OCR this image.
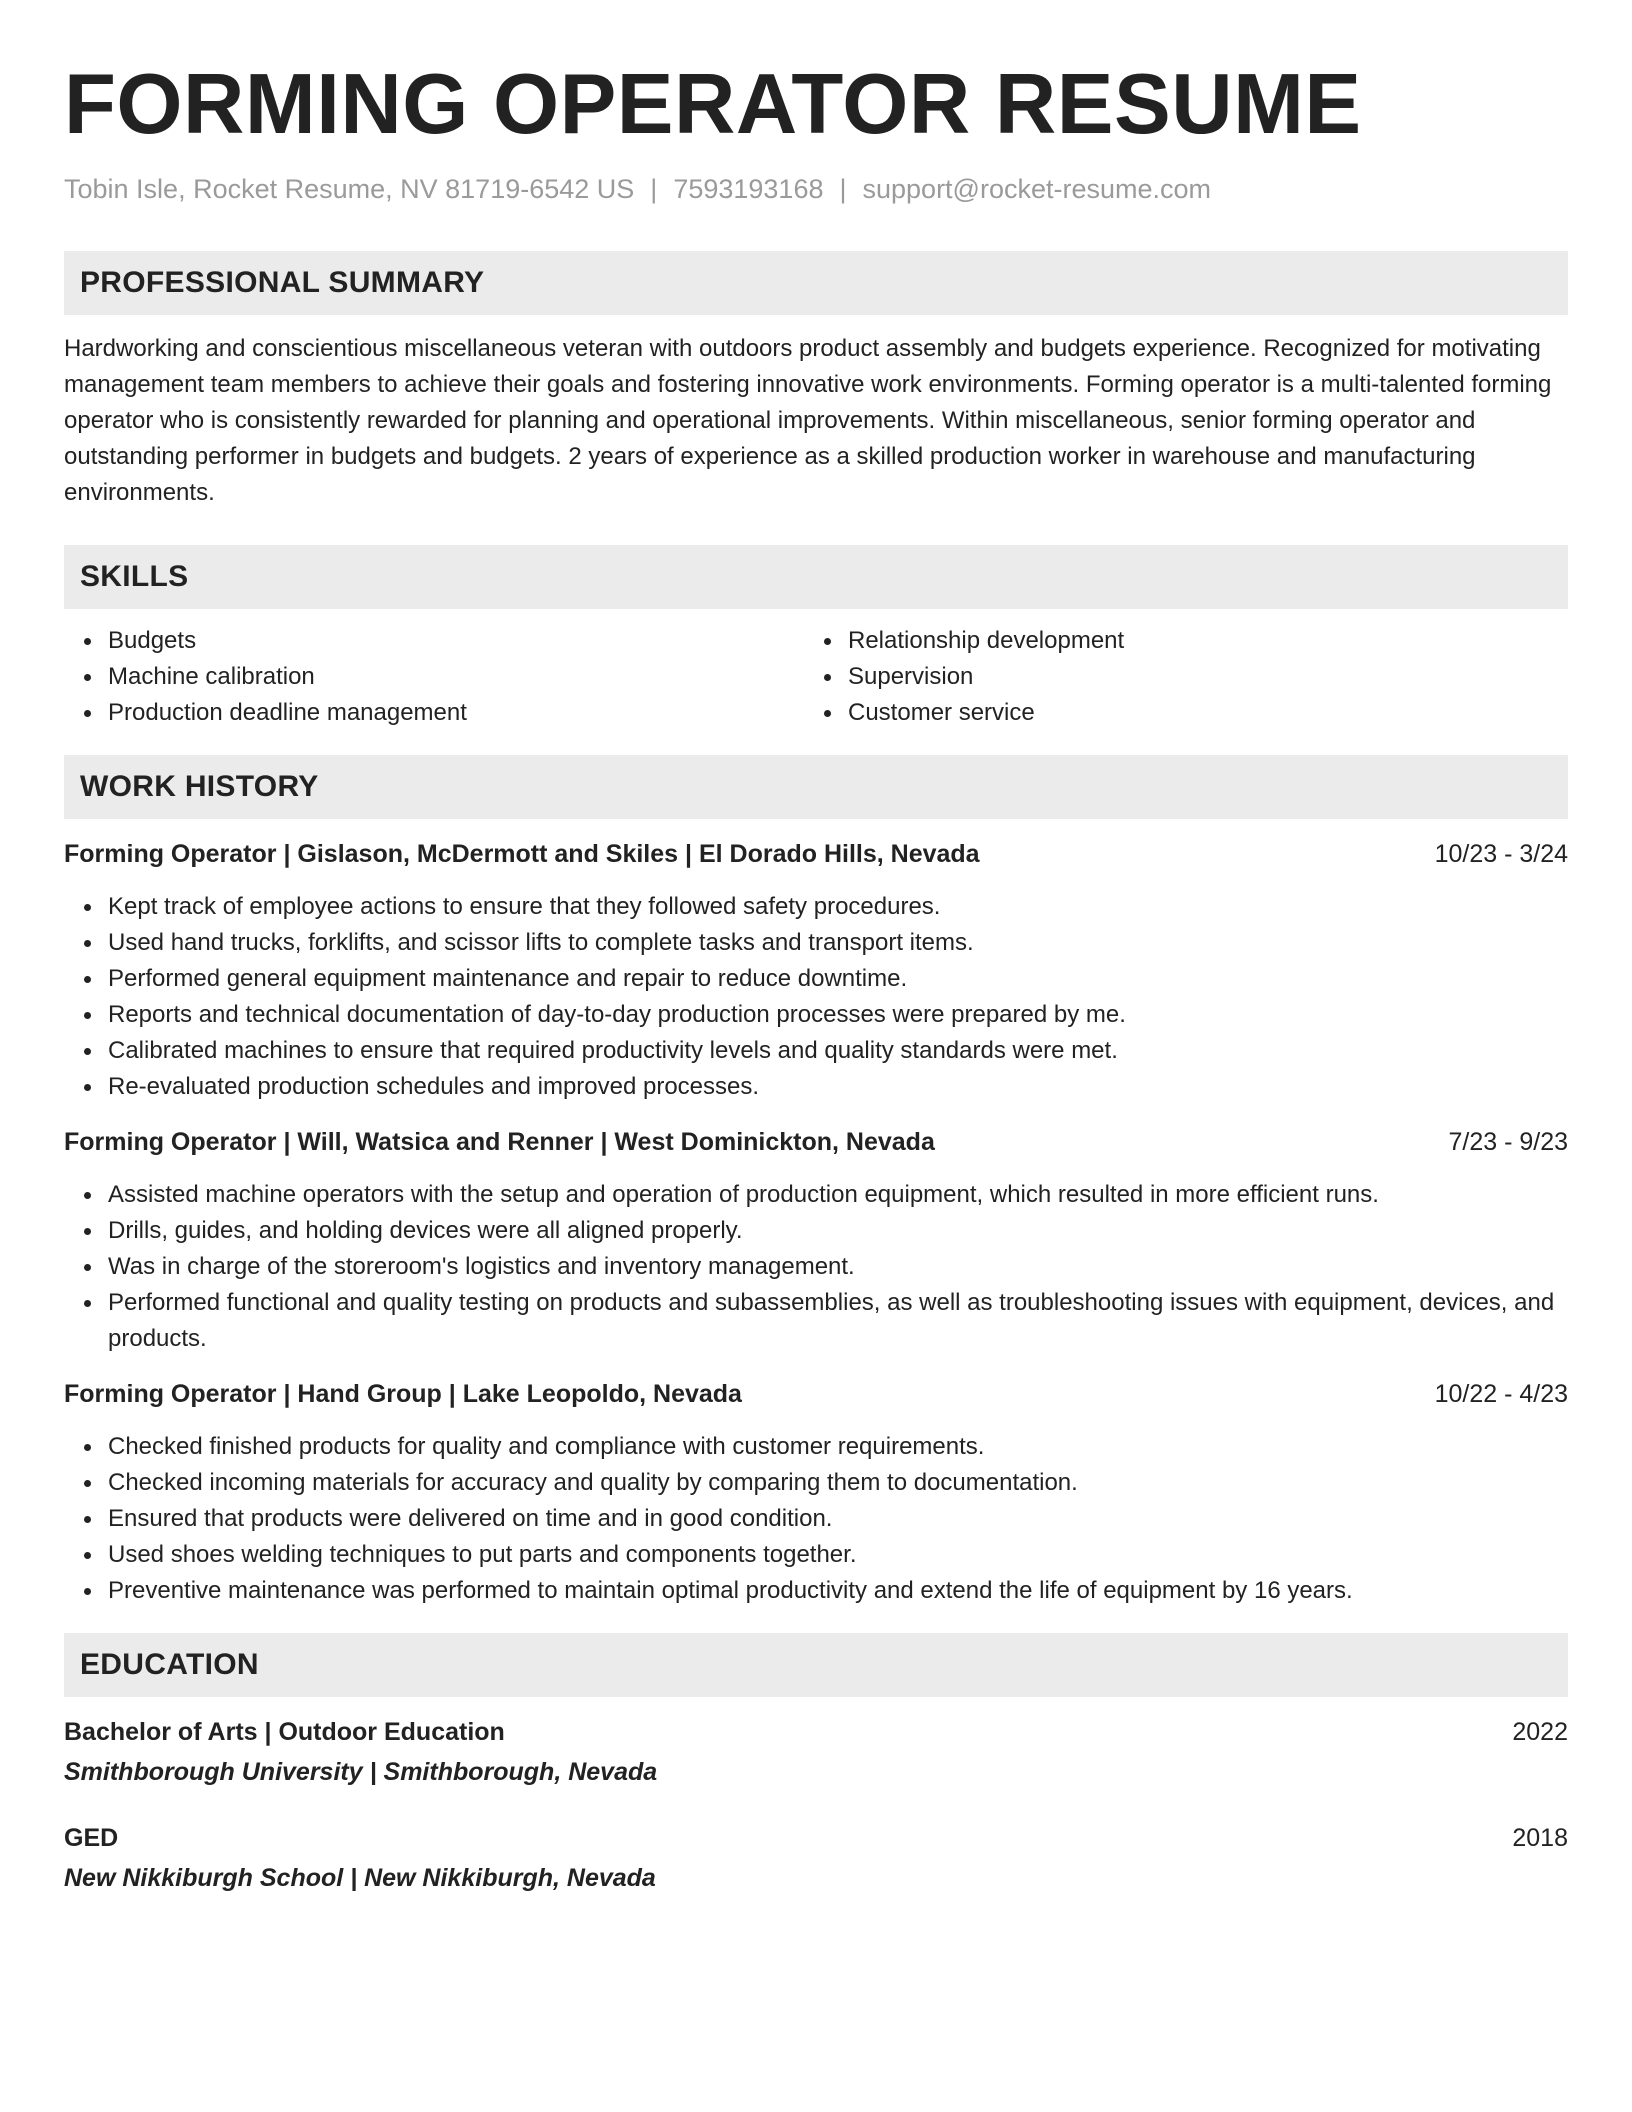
FORMING OPERATOR RESUME
Tobin Isle, Rocket Resume, NV 81719-6542 US | 7593193168 | support@rocket-resume.com
PROFESSIONAL SUMMARY

Hardworking and conscientious miscellaneous veteran with outdoors product assembly and budgets experience. Recognized for motivating management team members to achieve their goals and fostering innovative work environments. Forming operator is a multi-talented forming operator who is consistently rewarded for planning and operational improvements. Within miscellaneous, senior forming operator and outstanding performer in budgets and budgets. 2 years of experience as a skilled production worker in warehouse and manufacturing environments.

SKILLS
Budgets
Machine calibration
Production deadline management
Relationship development
Supervision
Customer service
WORK HISTORY
Forming Operator | Gislason, McDermott and Skiles | El Dorado Hills, Nevada	10/23 - 3/24
Kept track of employee actions to ensure that they followed safety procedures.
Used hand trucks, forklifts, and scissor lifts to complete tasks and transport items.
Performed general equipment maintenance and repair to reduce downtime.
Reports and technical documentation of day-to-day production processes were prepared by me.
Calibrated machines to ensure that required productivity levels and quality standards were met.
Re-evaluated production schedules and improved processes.
Forming Operator | Will, Watsica and Renner | West Dominickton, Nevada	7/23 - 9/23
Assisted machine operators with the setup and operation of production equipment, which resulted in more efficient runs.
Drills, guides, and holding devices were all aligned properly.
Was in charge of the storeroom's logistics and inventory management.
Performed functional and quality testing on products and subassemblies, as well as troubleshooting issues with equipment, devices, and products.
Forming Operator | Hand Group | Lake Leopoldo, Nevada	10/22 - 4/23
Checked finished products for quality and compliance with customer requirements.
Checked incoming materials for accuracy and quality by comparing them to documentation.
Ensured that products were delivered on time and in good condition.
Used shoes welding techniques to put parts and components together.
Preventive maintenance was performed to maintain optimal productivity and extend the life of equipment by 16 years.
EDUCATION
Bachelor of Arts | Outdoor Education	2022
Smithborough University | Smithborough, Nevada
GED	2018
New Nikkiburgh School | New Nikkiburgh, Nevada
